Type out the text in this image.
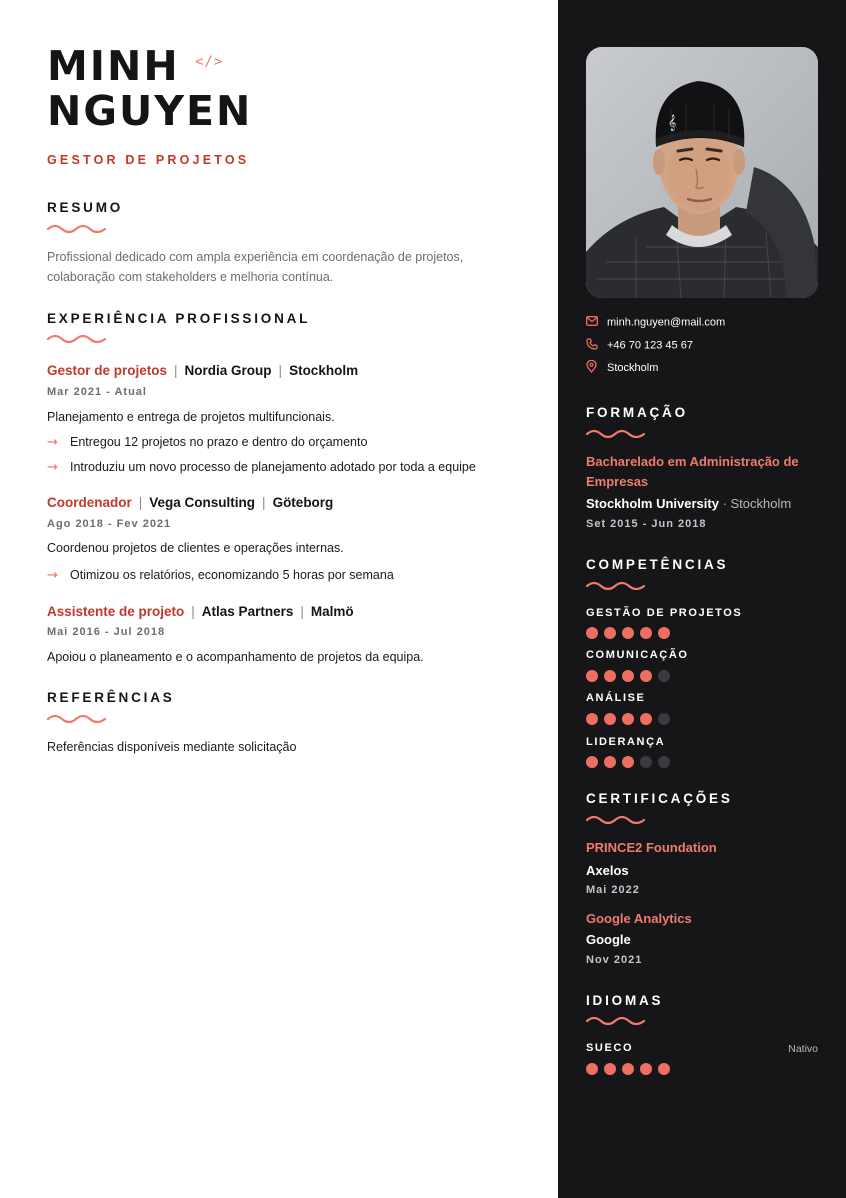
MINH
NGUYEN
</>
GESTOR DE PROJETOS
RESUMO
Profissional dedicado com ampla experiência em coordenação de projetos, colaboração com stakeholders e melhoria contínua.
EXPERIÊNCIA PROFISSIONAL
Gestor de projetos | Nordia Group | Stockholm
Mar 2021 - Atual
Planejamento e entrega de projetos multifuncionais.
→ Entregou 12 projetos no prazo e dentro do orçamento
→ Introduziu um novo processo de planejamento adotado por toda a equipe
Coordenador | Vega Consulting | Göteborg
Ago 2018 - Fev 2021
Coordenou projetos de clientes e operações internas.
→ Otimizou os relatórios, economizando 5 horas por semana
Assistente de projeto | Atlas Partners | Malmö
Mai 2016 - Jul 2018
Apoiou o planeamento e o acompanhamento de projetos da equipa.
REFERÊNCIAS
Referências disponíveis mediante solicitação
𝄞
minh.nguyen@mail.com
+46 70 123 45 67
Stockholm
FORMAÇÃO
Bacharelado em Administração de Empresas
Stockholm University · Stockholm
Set 2015 - Jun 2018
COMPETÊNCIAS
GESTÃO DE PROJETOS
COMUNICAÇÃO
ANÁLISE
LIDERANÇA
CERTIFICAÇÕES
PRINCE2 Foundation
Axelos
Mai 2022
Google Analytics
Google
Nov 2021
IDIOMAS
SUECO	Nativo
